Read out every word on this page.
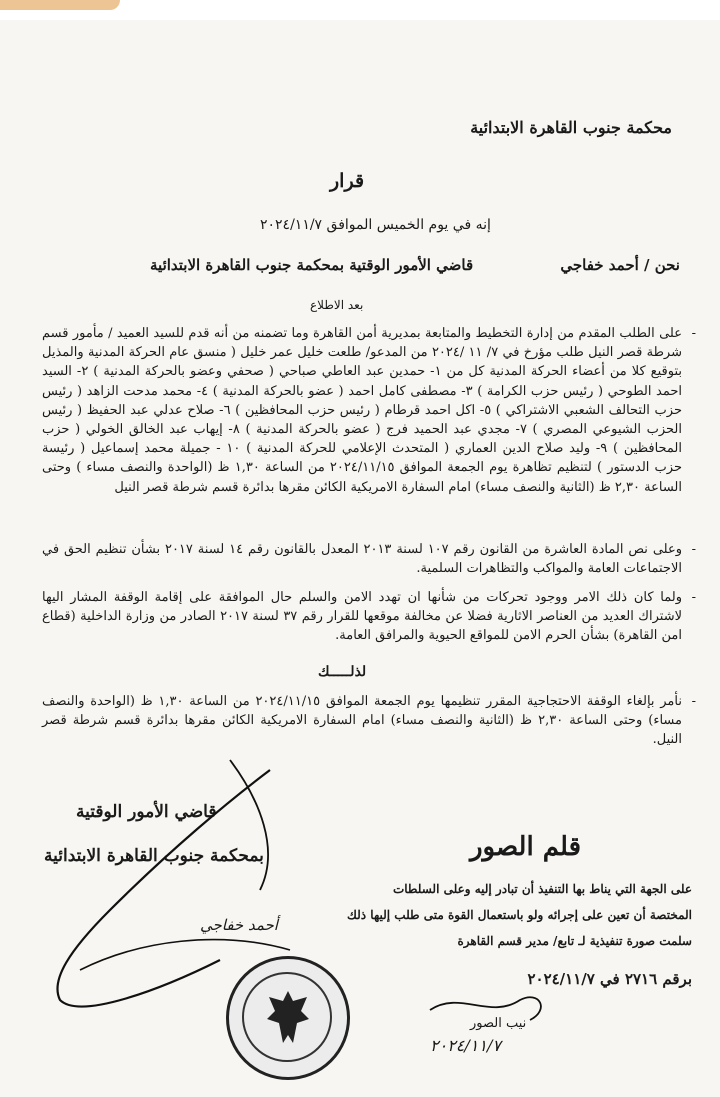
محكمة جنوب القاهرة الابتدائية
قرار
إنه في يوم الخميس الموافق ٢٠٢٤/١١/٧
نحن / أحمد خفاجي
قاضي الأمور الوقتية بمحكمة جنوب القاهرة الابتدائية
بعد الاطلاع
- على الطلب المقدم من إدارة التخطيط والمتابعة بمديرية أمن القاهرة وما تضمنه من أنه قدم للسيد العميد / مأمور قسم شرطة قصر النيل طلب مؤرخ في ٧/ ١١ /٢٠٢٤ من المدعو/ طلعت خليل عمر خليل ( منسق عام الحركة المدنية والمذيل بتوقيع كلا من أعضاء الحركة المدنية كل من ١- حمدين عبد العاطي صباحي ( صحفي وعضو بالحركة المدنية ) ٢- السيد احمد الطوحي ( رئيس حزب الكرامة ) ٣- مصطفى كامل احمد ( عضو بالحركة المدنية ) ٤- محمد مدحت الزاهد ( رئيس حزب التحالف الشعبي الاشتراكي ) ٥- اكل احمد قرطام ( رئيس حزب المحافظين ) ٦- صلاح عدلي عبد الحفيظ ( رئيس الحزب الشيوعي المصري ) ٧- مجدي عبد الحميد فرج ( عضو بالحركة المدنية ) ٨- إيهاب عبد الخالق الخولي ( حزب المحافظين ) ٩- وليد صلاح الدين العماري ( المتحدث الإعلامي للحركة المدنية ) ١٠ - جميلة محمد إسماعيل ( رئيسة حزب الدستور ) لتنظيم تظاهرة يوم الجمعة الموافق ٢٠٢٤/١١/١٥ من الساعة ١,٣٠ ظ (الواحدة والنصف مساء ) وحتى الساعة ٢,٣٠ ظ (الثانية والنصف مساء) امام السفارة الامريكية الكائن مقرها بدائرة قسم شرطة قصر النيل
- وعلى نص المادة العاشرة من القانون رقم ١٠٧ لسنة ٢٠١٣ المعدل بالقانون رقم ١٤ لسنة ٢٠١٧ بشأن تنظيم الحق في الاجتماعات العامة والمواكب والتظاهرات السلمية.
- ولما كان ذلك الامر ووجود تحركات من شأنها ان تهدد الامن والسلم حال الموافقة على إقامة الوقفة المشار اليها لاشتراك العديد من العناصر الاثارية فضلا عن مخالفة موقعها للقرار رقم ٣٧ لسنة ٢٠١٧ الصادر من وزارة الداخلية (قطاع امن القاهرة) بشأن الحرم الامن للمواقع الحيوية والمرافق العامة.
لذلـــــك
- نأمر بإلغاء الوقفة الاحتجاجية المقرر تنظيمها يوم الجمعة الموافق ٢٠٢٤/١١/١٥ من الساعة ١,٣٠ ظ (الواحدة والنصف مساء) وحتى الساعة ٢,٣٠ ظ (الثانية والنصف مساء) امام السفارة الامريكية الكائن مقرها بدائرة قسم شرطة قصر النيل.
قاضي الأمور الوقتية
بمحكمة جنوب القاهرة الابتدائية
أحمد خفاجي
قلم الصور
على الجهة التي يناط بها التنفيذ أن تبادر إليه وعلى السلطات
المختصة أن تعين على إجرائه ولو باستعمال القوة متى طلب إليها ذلك
سلمت صورة تنفيذية لـ تابع/ مدير قسم القاهرة
برقم ٢٧١٦ في ٢٠٢٤/١١/٧
نيب الصور
٢٠٢٤/١١/٧
